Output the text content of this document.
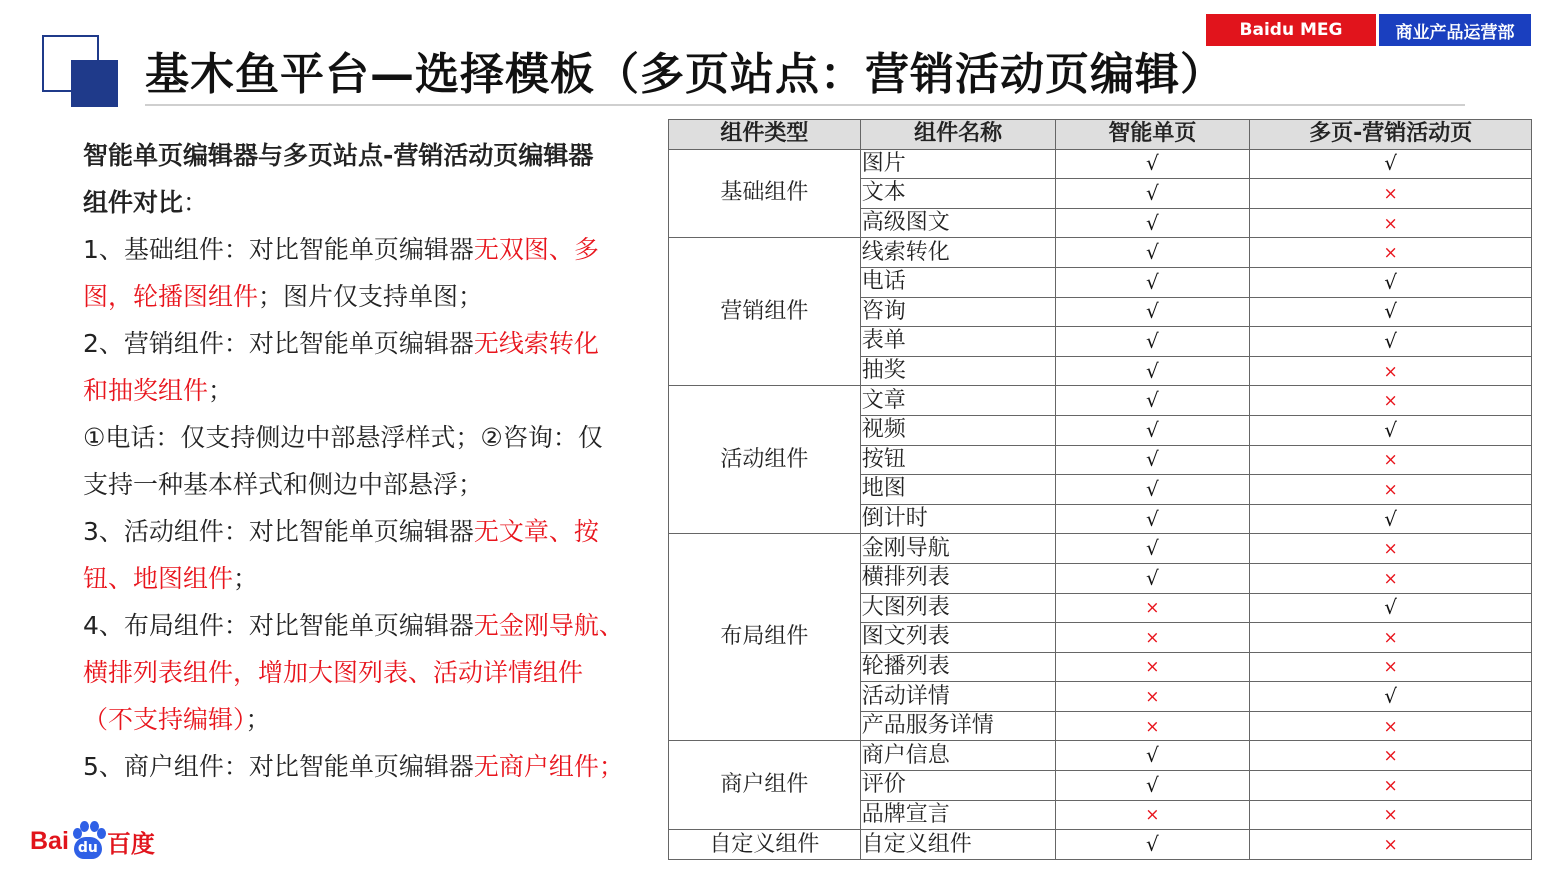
基木鱼平台—选择模板（多页站点：营销活动页编辑）
Baidu MEG	商业产品运营部
智能单页编辑器与多页站点-营销活动页编辑器
组件对比：
1、基础组件：对比智能单页编辑器无双图、多
图，轮播图组件；图片仅支持单图；
2、营销组件：对比智能单页编辑器无线索转化
和抽奖组件；
①电话：仅支持侧边中部悬浮样式；②咨询：仅
支持一种基本样式和侧边中部悬浮；
3、活动组件：对比智能单页编辑器无文章、按
钮、地图组件；
4、布局组件：对比智能单页编辑器无金刚导航、
横排列表组件，增加大图列表、活动详情组件
（不支持编辑）；
5、商户组件：对比智能单页编辑器无商户组件；
Bai du 百度
组件类型	组件名称	智能单页	多页-营销活动页
基础组件	图片	√	√
	文本	√	×
	高级图文	√	×
营销组件	线索转化	√	×
	电话	√	√
	咨询	√	√
	表单	√	√
	抽奖	√	×
活动组件	文章	√	×
	视频	√	√
	按钮	√	×
	地图	√	×
	倒计时	√	√
布局组件	金刚导航	√	×
	横排列表	√	×
	大图列表	×	√
	图文列表	×	×
	轮播列表	×	×
	活动详情	×	√
	产品服务详情	×	×
商户组件	商户信息	√	×
	评价	√	×
	品牌宣言	×	×
自定义组件	自定义组件	√	×
